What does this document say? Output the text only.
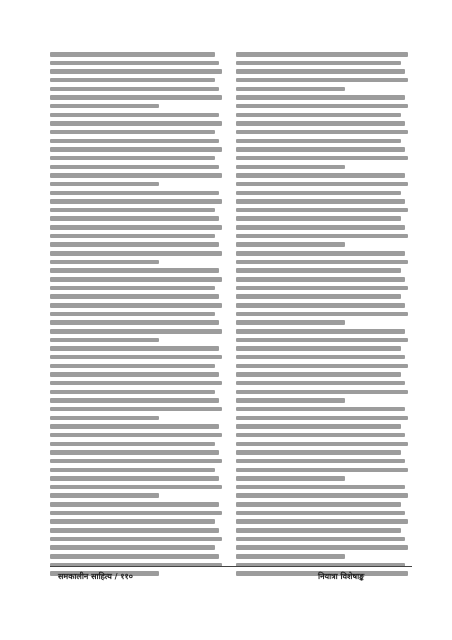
समकालीन साहित्य / ११०	नियात्रा विशेषाङ्क
